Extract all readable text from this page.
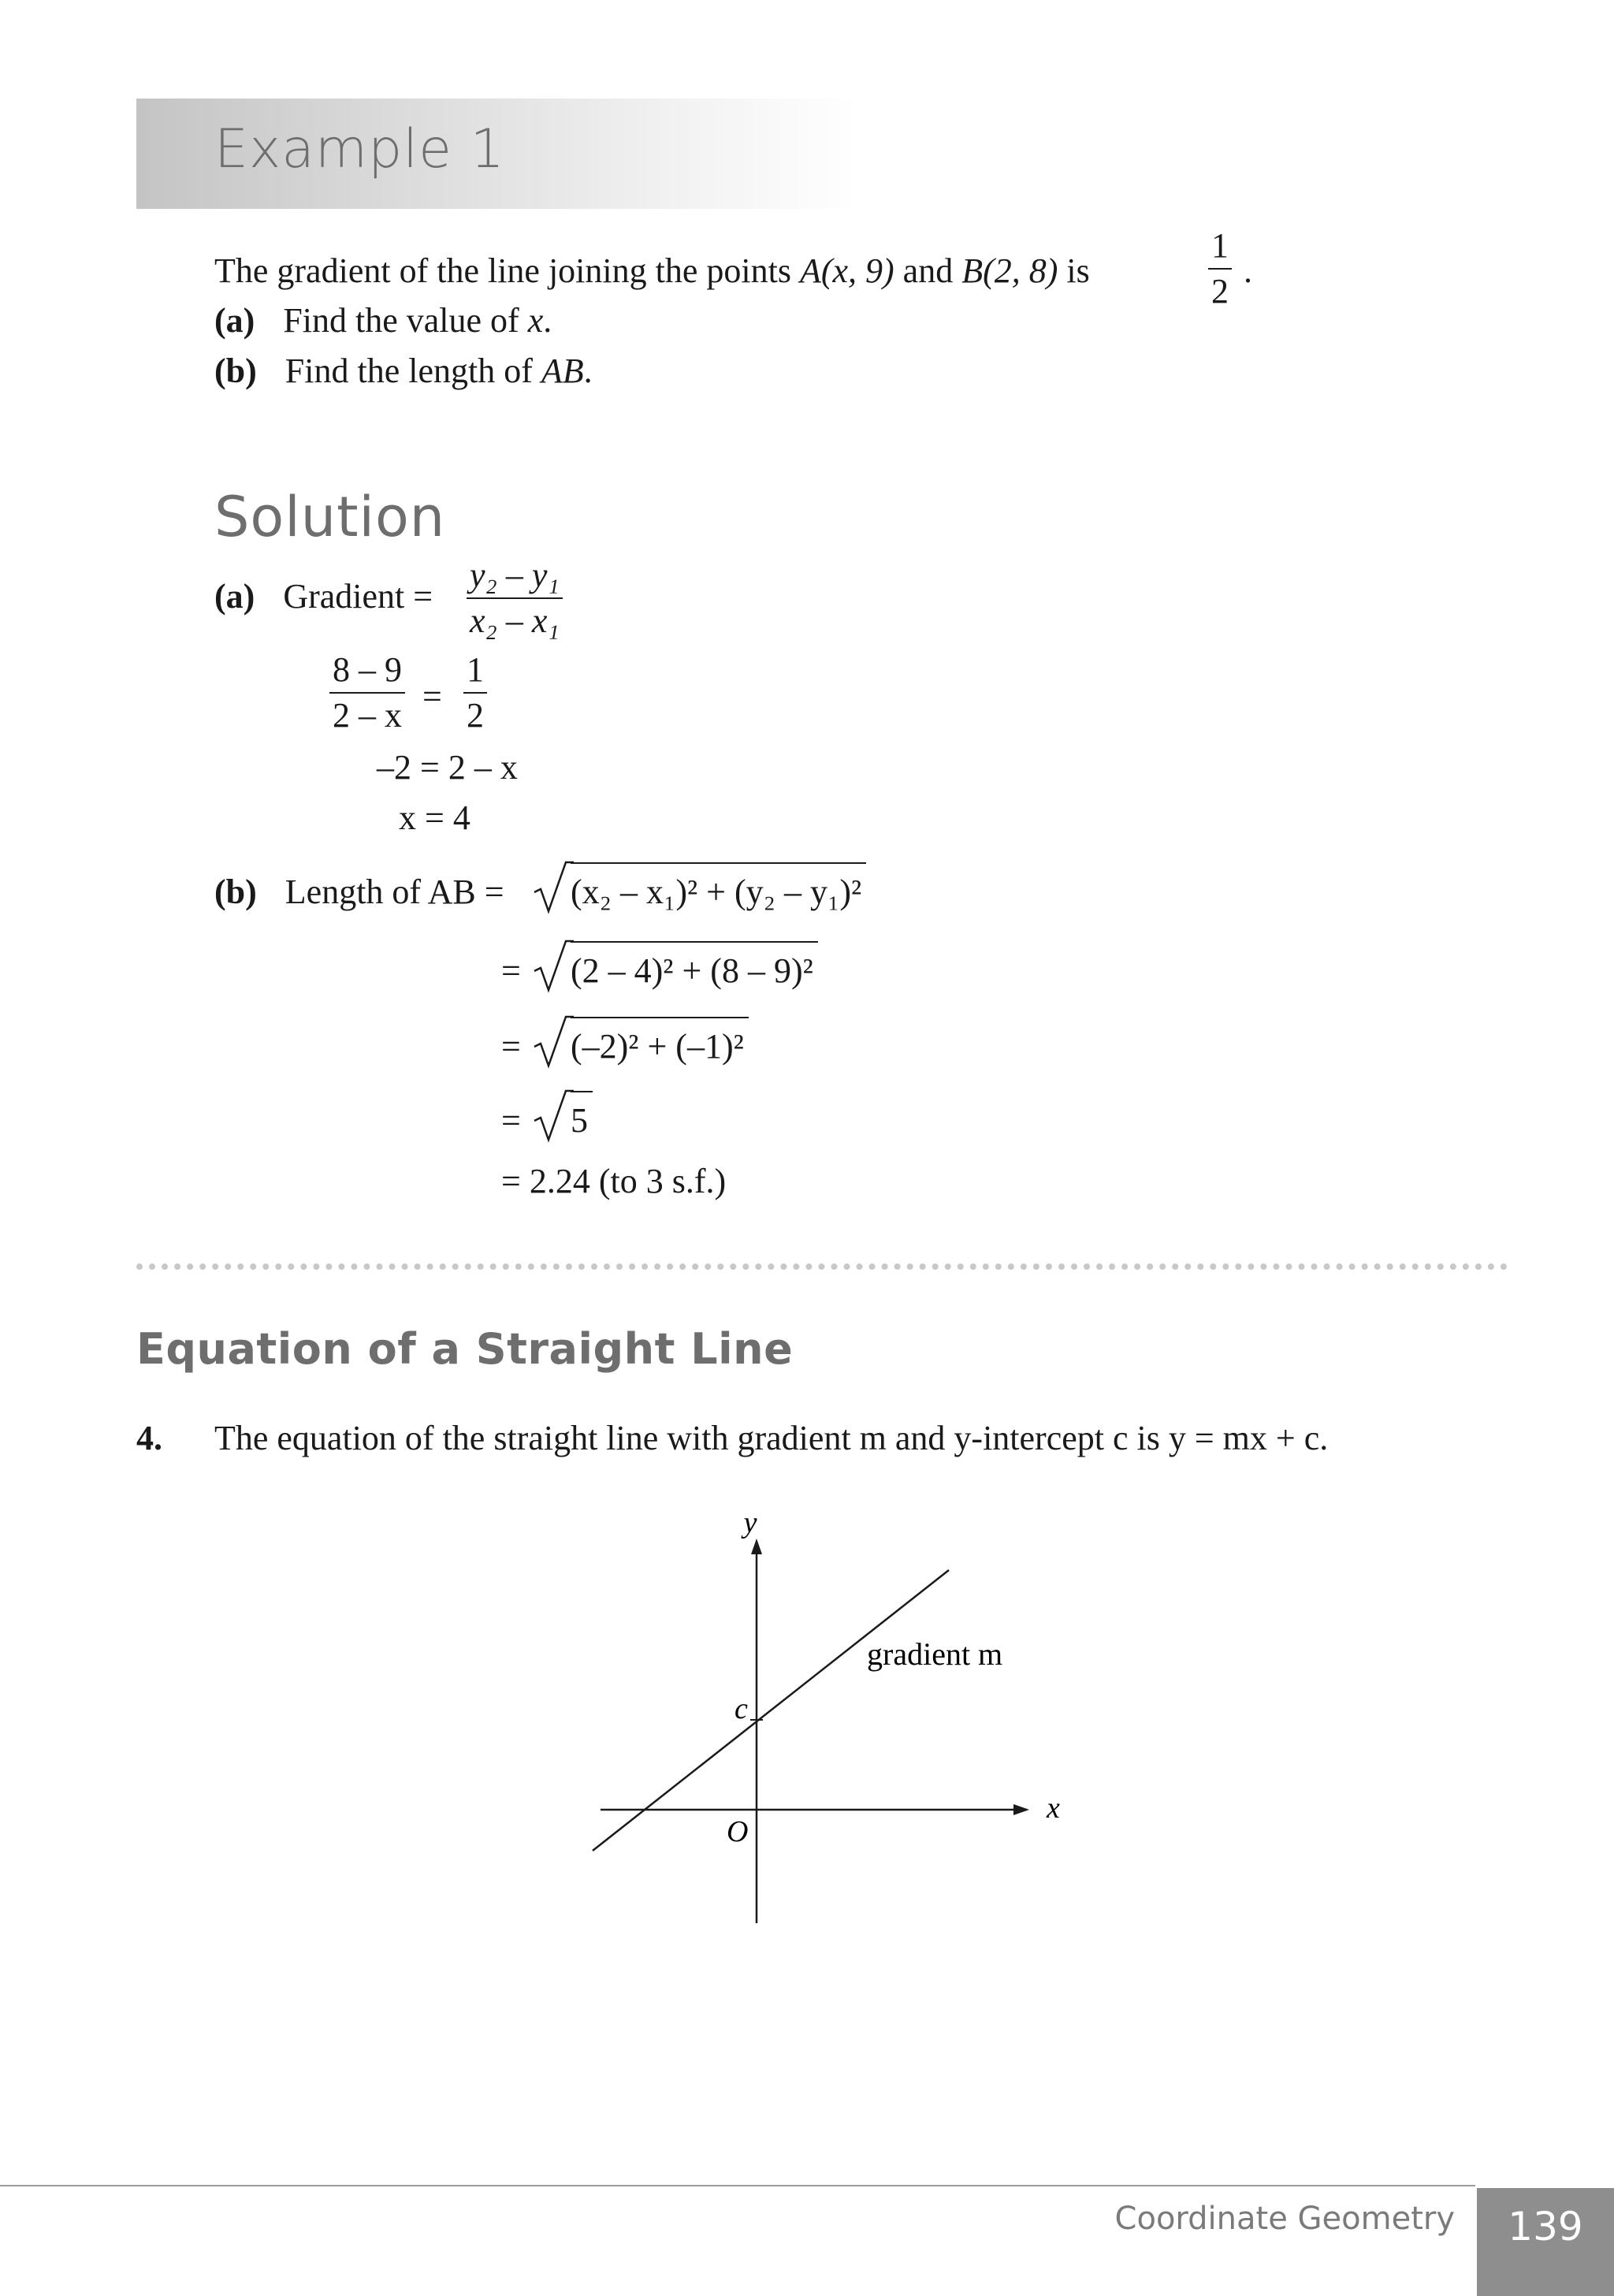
Example 1
The gradient of the line joining the points A(x, 9) and B(2, 8) is	$\frac{1}{2}$ .
(a) Find the value of x.
(b) Find the length of AB.
Solution
(a) Gradient = $\frac{\text{y₂ – y₁}}{\text{x₂ – x₁}}$
$\frac{8 - 9}{2 - x} = \frac{1}{2}$
–2 = 2 – x
x = 4
(b) Length of AB = (x₂ – x₁)² + (y₂ – y₁)²
= (2 – 4)² + (8 – 9)²
= (–2)² + (–1)²
= 5
= 2.24 (to 3 s.f.)
Equation of a Straight Line
4. The equation of the straight line with gradient m and y-intercept c is y = mx + c.
y
x
O
c
gradient m
Coordinate Geometry	139
